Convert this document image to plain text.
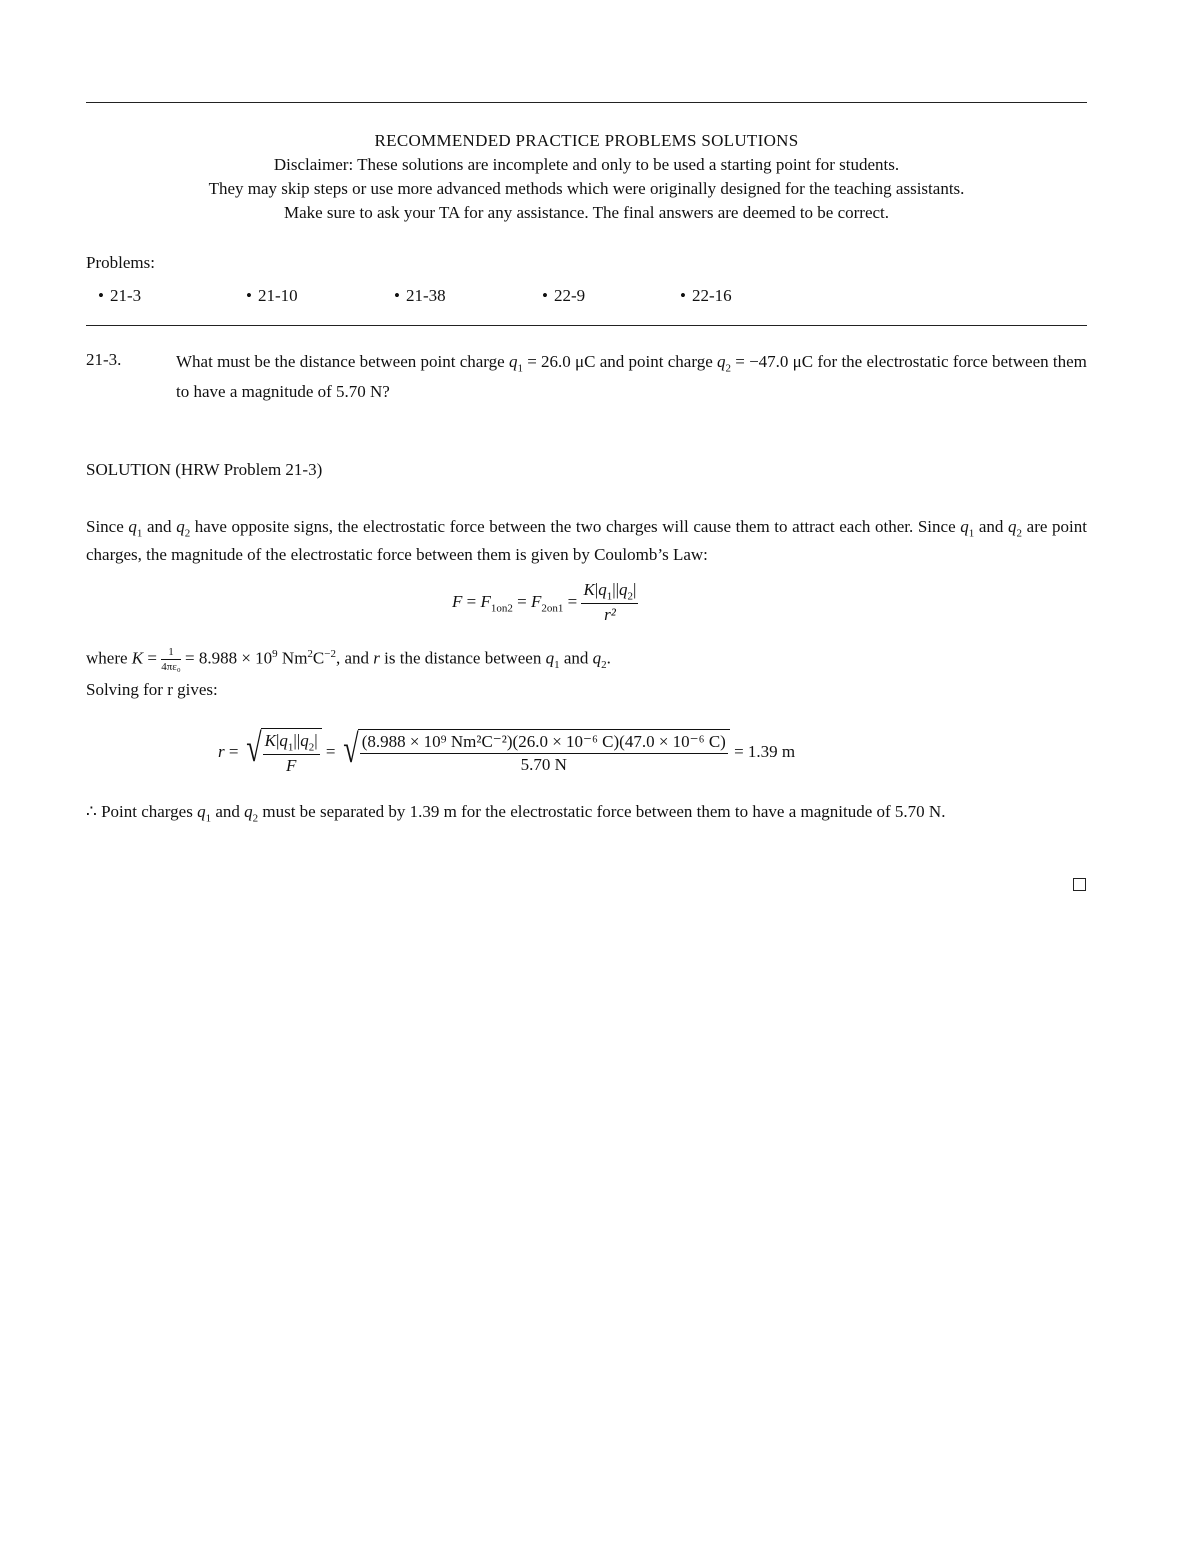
RECOMMENDED PRACTICE PROBLEMS SOLUTIONS
Disclaimer: These solutions are incomplete and only to be used a starting point for students.
They may skip steps or use more advanced methods which were originally designed for the teaching assistants.
Make sure to ask your TA for any assistance. The final answers are deemed to be correct.
Problems:
• 21-3	• 21-10	• 21-38	• 22-9	• 22-16
21-3.	What must be the distance between point charge $q_1 = 26.0$ μC and point charge $q_2 = -47.0$ μC for the electrostatic force between them to have a magnitude of 5.70 N?
SOLUTION (HRW Problem 21-3)
Since $q_1$ and $q_2$ have opposite signs, the electrostatic force between the two charges will cause them to attract each other. Since $q_1$ and $q_2$ are point charges, the magnitude of the electrostatic force between them is given by Coulomb’s Law:
$F = F_{1on2} = F_{2on1} = \frac{K|q_1||q_2|}{\text{r²}}$
where $K = \frac{1}{\text{4πε₀}} = 8.988 \times 10^9$ $Nm^2C^{-2}$, and r is the distance between $q_1$ and $q_2$.
Solving for r gives:
r = √ $\frac{K|q_1||q_2|}{F}$ = √ $\frac{\text{(8.988 × 10⁹ Nm²C⁻²)(26.0 × 10⁻⁶ C)(47.0 × 10⁻⁶ C)}}{5.70 N} = 1.39$ m
∴ Point charges $q_1$ and $q_2$ must be separated by 1.39 m for the electrostatic force between them to have a magnitude of 5.70 N.
